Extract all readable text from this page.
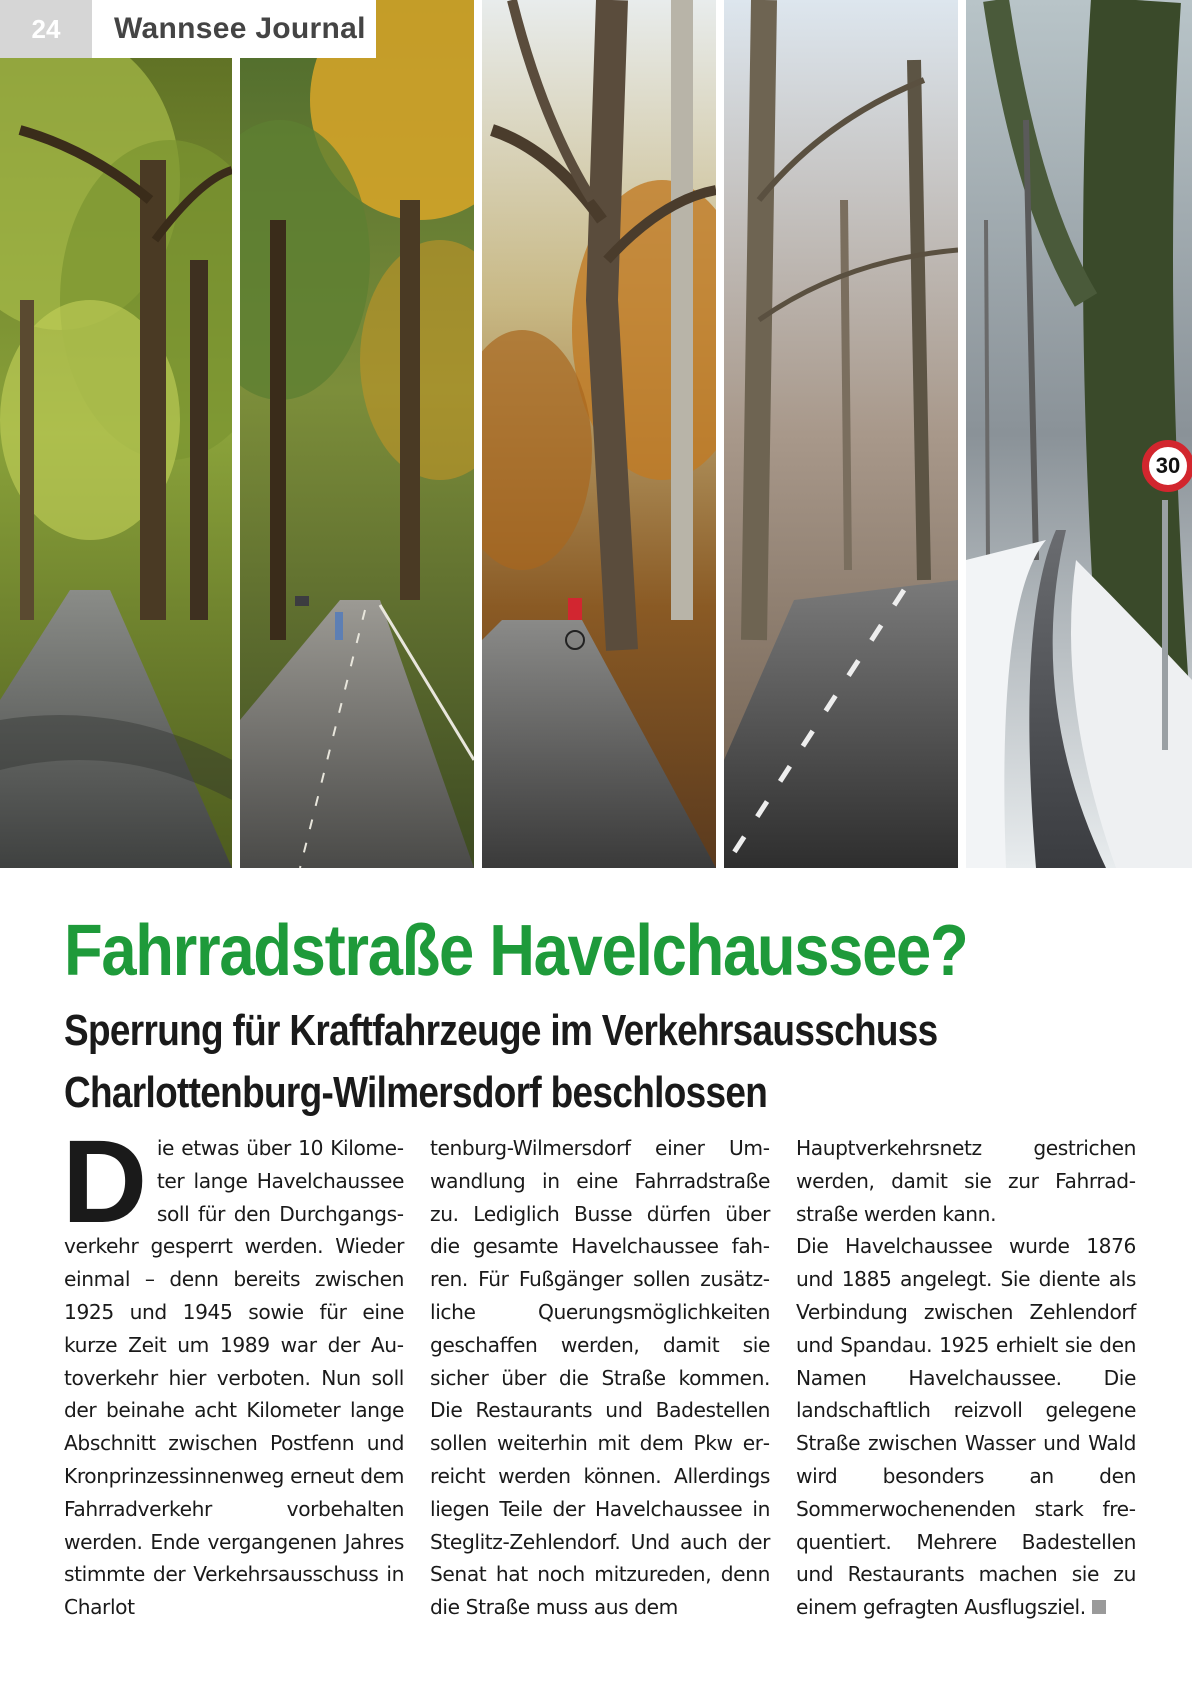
30
24	Wannsee Journal
Fahrradstraße Havelchaussee?
Sperrung für Kraftfahrzeuge im Verkehrsausschuss
Charlottenburg-Wilmersdorf beschlossen
Die etwas über 10 Kilometer lange Havelchaussee soll für den Durchgangsverkehr gesperrt werden. Wieder einmal – denn bereits zwischen 1925 und 1945 sowie für eine kurze Zeit um 1989 war der Autoverkehr hier verboten. Nun soll der beinahe acht Kilometer lange Abschnitt zwischen Postfenn und Kronprinzessinnenweg erneut dem Fahrradverkehr vorbehalten werden. Ende vergangenen Jahres stimmte der Verkehrsausschuss in Charlot
tenburg-Wilmersdorf einer Umwandlung in eine Fahrradstraße zu. Lediglich Busse dürfen über die gesamte Havelchaussee fahren. Für Fußgänger sollen zusätzliche Querungsmöglichkeiten geschaffen werden, damit sie sicher über die Straße kommen. Die Restaurants und Badestellen sollen weiterhin mit dem Pkw erreicht werden können. Allerdings liegen Teile der Havelchaussee in Steglitz-Zehlendorf. Und auch der Senat hat noch mitzureden, denn die Straße muss aus dem

Hauptverkehrsnetz gestrichen werden, damit sie zur Fahrradstraße werden kann.

Die Havelchaussee wurde 1876 und 1885 angelegt. Sie diente als Verbindung zwischen Zehlendorf und Spandau. 1925 erhielt sie den Namen Havelchaussee. Die landschaftlich reizvoll gelegene Straße zwischen Wasser und Wald wird besonders an den Sommerwochenenden stark frequentiert. Mehrere Badestellen und Restaurants machen sie zu einem gefragten Ausflugsziel.
